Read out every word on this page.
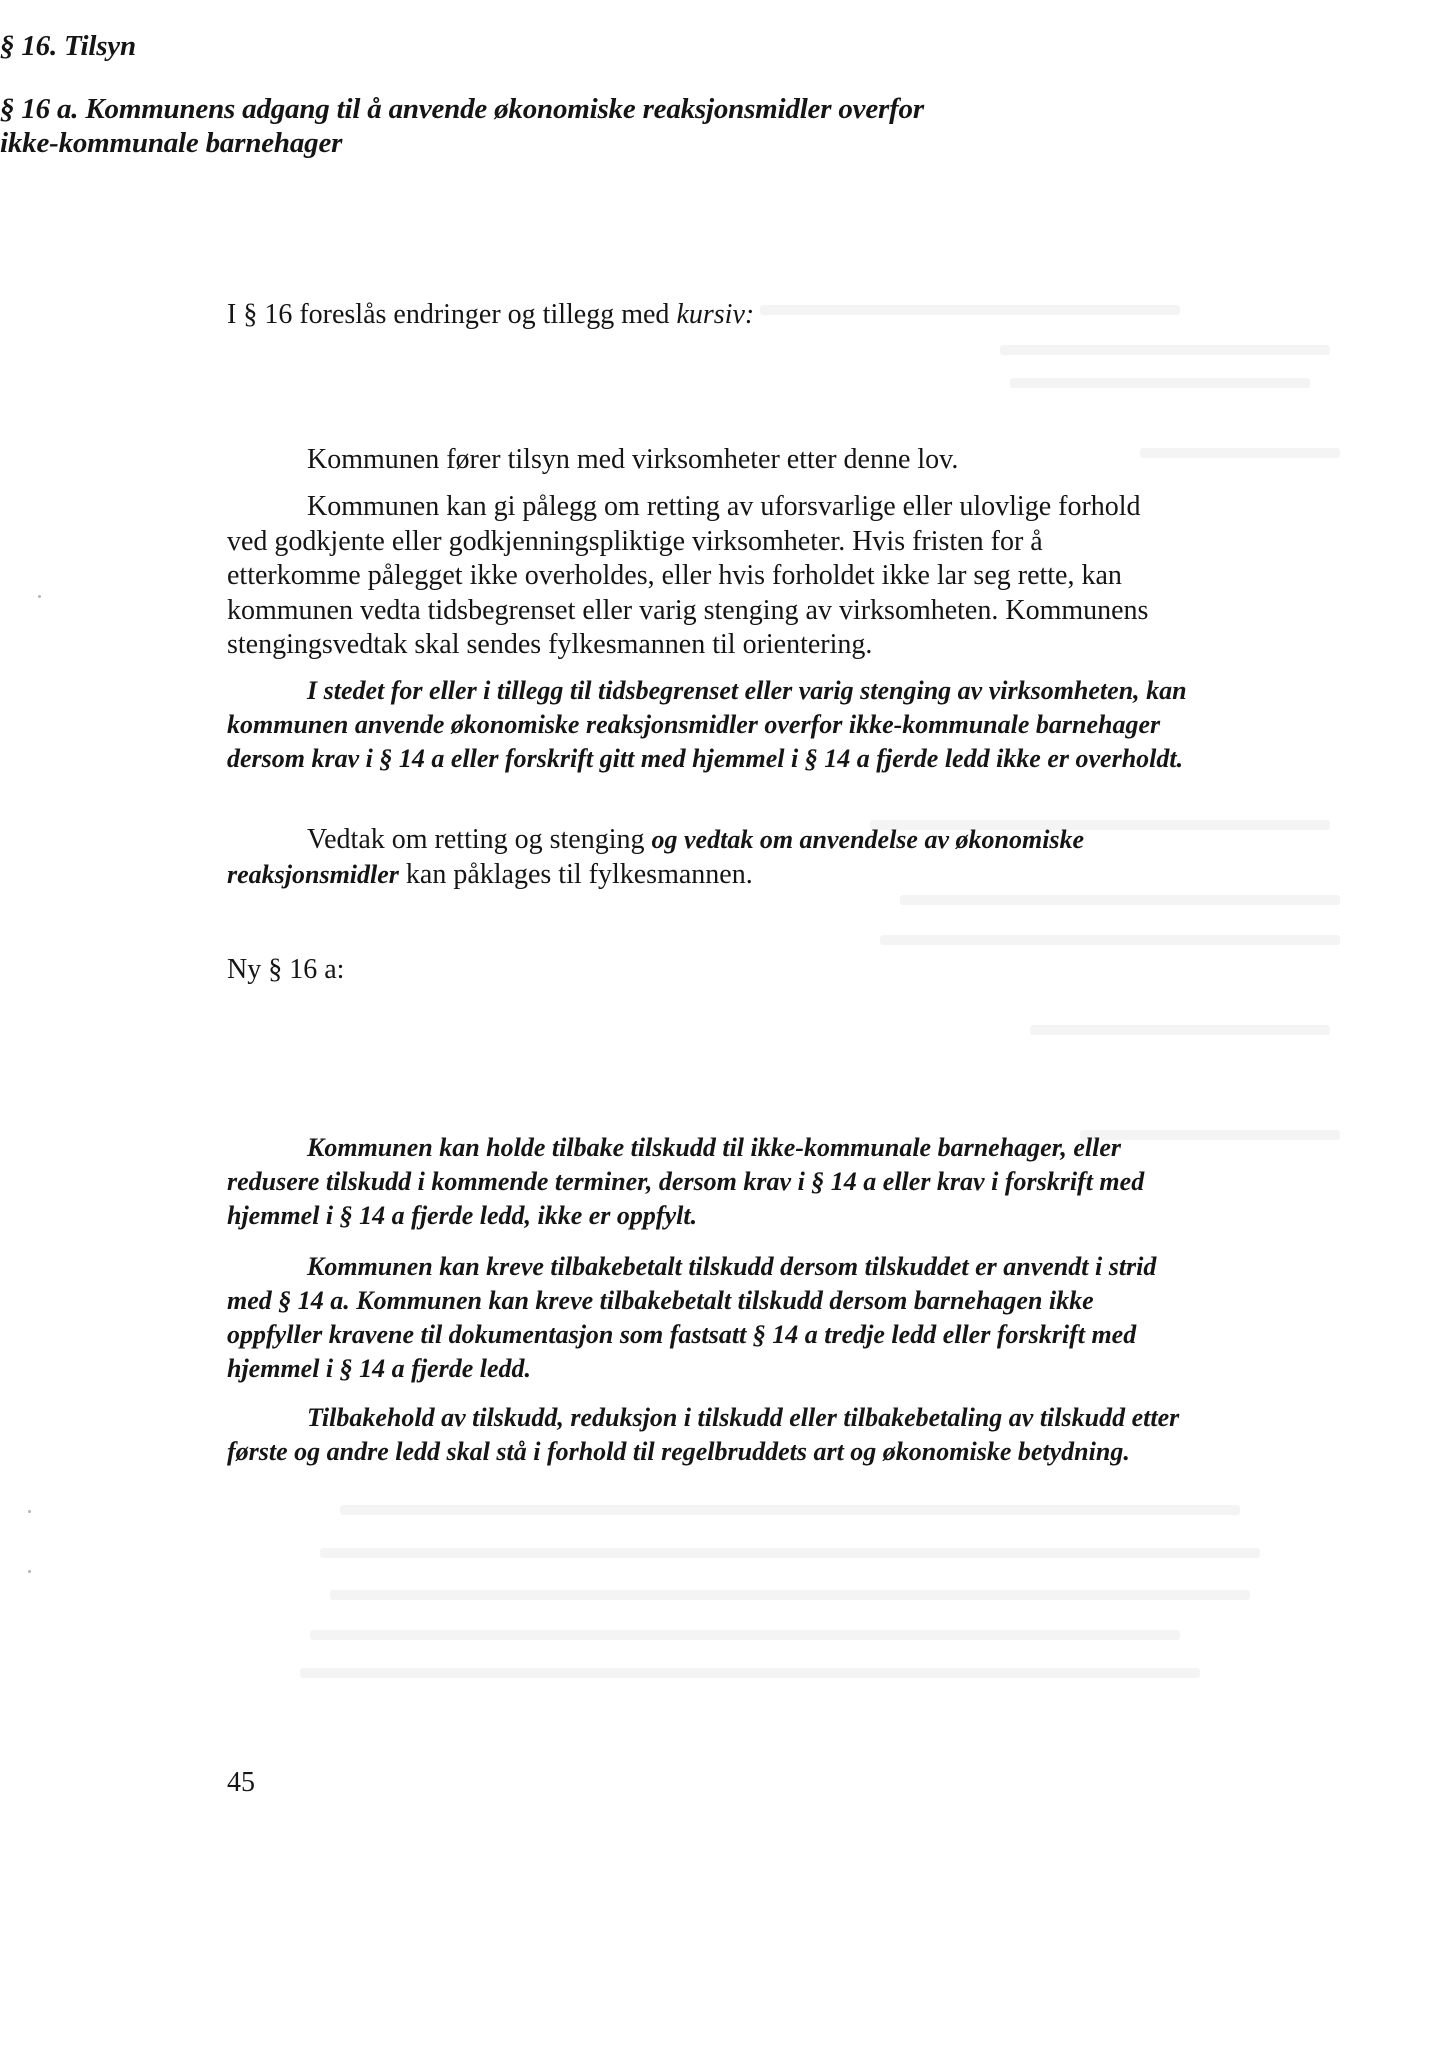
I § 16 foreslås endringer og tillegg med kursiv:

§ 16. Tilsyn

Kommunen fører tilsyn med virksomheter etter denne lov.

Kommunen kan gi pålegg om retting av uforsvarlige eller ulovlige forhold ved godkjente eller godkjenningspliktige virksomheter. Hvis fristen for å etterkomme pålegget ikke overholdes, eller hvis forholdet ikke lar seg rette, kan kommunen vedta tidsbegrenset eller varig stenging av virksomheten. Kommunens stengingsvedtak skal sendes fylkesmannen til orientering.

I stedet for eller i tillegg til tidsbegrenset eller varig stenging av virksomheten, kan kommunen anvende økonomiske reaksjonsmidler overfor ikke-kommunale barnehager dersom krav i § 14 a eller forskrift gitt med hjemmel i § 14 a fjerde ledd ikke er overholdt.

Vedtak om retting og stenging og vedtak om anvendelse av økonomiske reaksjonsmidler kan påklages til fylkesmannen.

Ny § 16 a:

§ 16 a. Kommunens adgang til å anvende økonomiske reaksjonsmidler overfor ikke-kommunale barnehager

Kommunen kan holde tilbake tilskudd til ikke-kommunale barnehager, eller redusere tilskudd i kommende terminer, dersom krav i § 14 a eller krav i forskrift med hjemmel i § 14 a fjerde ledd, ikke er oppfylt.

Kommunen kan kreve tilbakebetalt tilskudd dersom tilskuddet er anvendt i strid med § 14 a. Kommunen kan kreve tilbakebetalt tilskudd dersom barnehagen ikke oppfyller kravene til dokumentasjon som fastsatt § 14 a tredje ledd eller forskrift med hjemmel i § 14 a fjerde ledd.

Tilbakehold av tilskudd, reduksjon i tilskudd eller tilbakebetaling av tilskudd etter første og andre ledd skal stå i forhold til regelbruddets art og økonomiske betydning.

45
